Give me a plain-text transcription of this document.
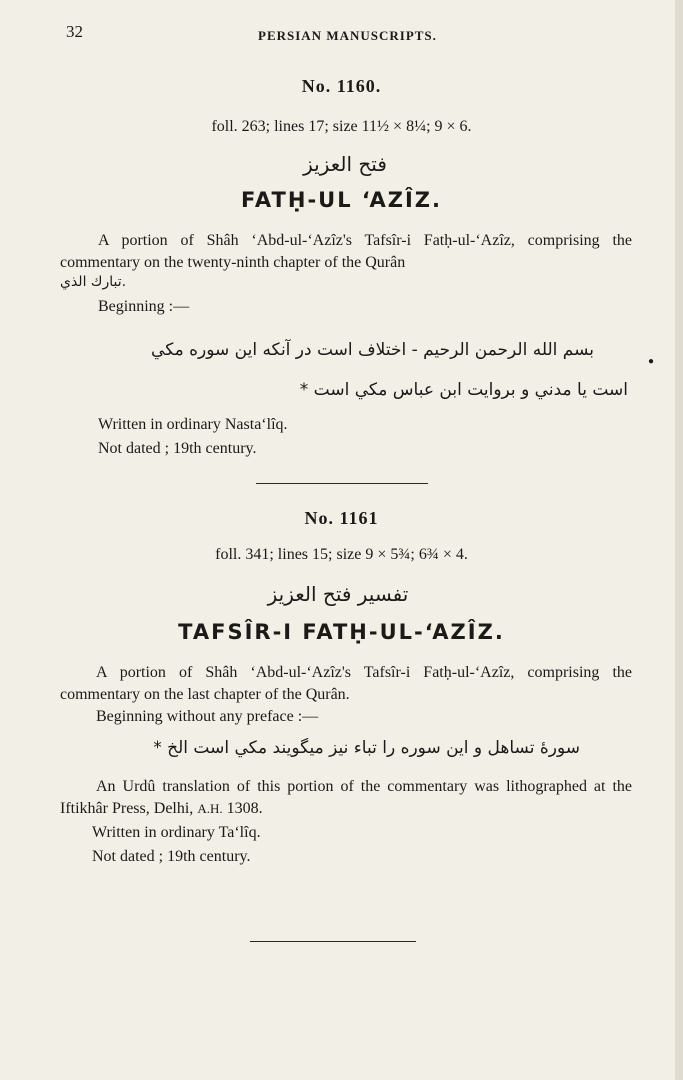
32	PERSIAN MANUSCRIPTS.
No. 1160.
foll. 263; lines 17; size 11½ × 8¼; 9 × 6.
فتح العزيز
FATḤ-UL ‘AZÎZ.

A portion of Shâh ‘Abd-ul-‘Azîz's Tafsîr-i Fatḥ-ul-‘Azîz, comprising the commentary on the twenty-ninth chapter of the Qurân

تبارك الذي.
Beginning :—
بسم الله الرحمن الرحيم - اختلاف است در آنكه اين سوره مكي
است يا مدني و بروايت ابن عباس مكي است *
●
Written in ordinary Nasta‘lîq.
Not dated ; 19th century.
No. 1161
foll. 341; lines 15; size 9 × 5¾; 6¾ × 4.
تفسير فتح العزيز
TAFSÎR-I FATḤ-UL-‘AZÎZ.

A portion of Shâh ‘Abd-ul-‘Azîz's Tafsîr-i Fatḥ-ul-‘Azîz, comprising the commentary on the last chapter of the Qurân.

Beginning without any preface :—
سورهٔ تساهل و اين سوره را تباء نيز ميگويند مكي است الخ *

An Urdû translation of this portion of the commentary was lithographed at the Iftikhâr Press, Delhi, A.H. 1308.

Written in ordinary Ta‘lîq.
Not dated ; 19th century.
